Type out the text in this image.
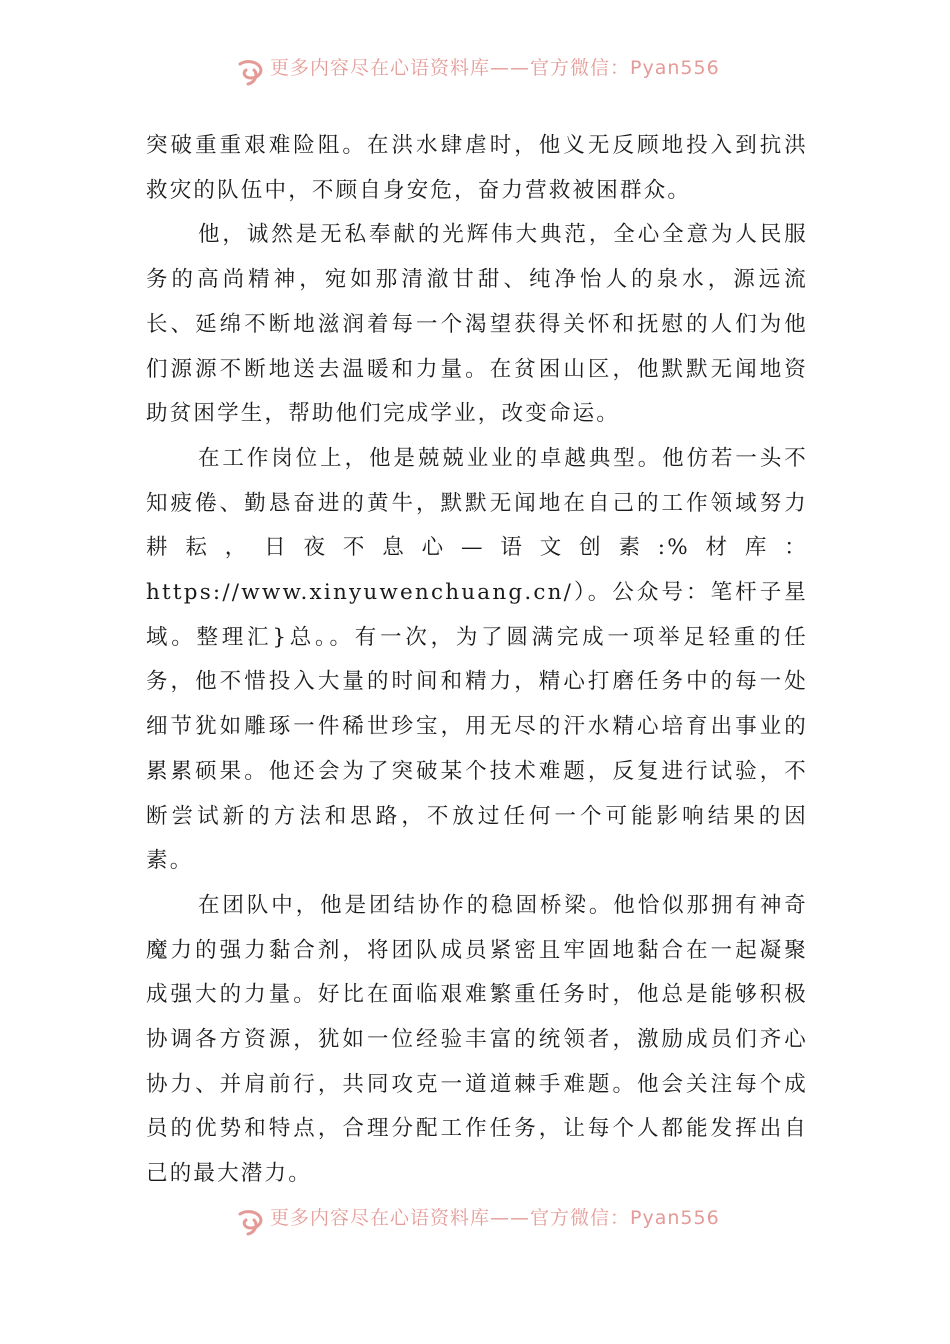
更多内容尽在心语资料库——官方微信：Pyan556

突破重重艰难险阻。在洪水肆虐时，他义无反顾地投入到抗洪救灾的队伍中，不顾自身安危，奋力营救被困群众。

他，诚然是无私奉献的光辉伟大典范，全心全意为人民服务的高尚精神，宛如那清澈甘甜、纯净怡人的泉水，源远流长、延绵不断地滋润着每一个渴望获得关怀和抚慰的人们为他们源源不断地送去温暖和力量。在贫困山区，他默默无闻地资助贫困学生，帮助他们完成学业，改变命运。

在工作岗位上，他是兢兢业业的卓越典型。他仿若一头不知疲倦、勤恳奋进的黄牛，默默无闻地在自己的工作领域努力耕耘，日夜不息心—语文创素:%材库：https://www.xinyuwenchuang.cn/）。公众号：笔杆子星域。整理汇}总。。有一次，为了圆满完成一项举足轻重的任务，他不惜投入大量的时间和精力，精心打磨任务中的每一处细节犹如雕琢一件稀世珍宝，用无尽的汗水精心培育出事业的累累硕果。他还会为了突破某个技术难题，反复进行试验，不断尝试新的方法和思路，不放过任何一个可能影响结果的因素。

在团队中，他是团结协作的稳固桥梁。他恰似那拥有神奇魔力的强力黏合剂，将团队成员紧密且牢固地黏合在一起凝聚成强大的力量。好比在面临艰难繁重任务时，他总是能够积极协调各方资源，犹如一位经验丰富的统领者，激励成员们齐心协力、并肩前行，共同攻克一道道棘手难题。他会关注每个成员的优势和特点，合理分配工作任务，让每个人都能发挥出自己的最大潜力。

更多内容尽在心语资料库——官方微信：Pyan556
